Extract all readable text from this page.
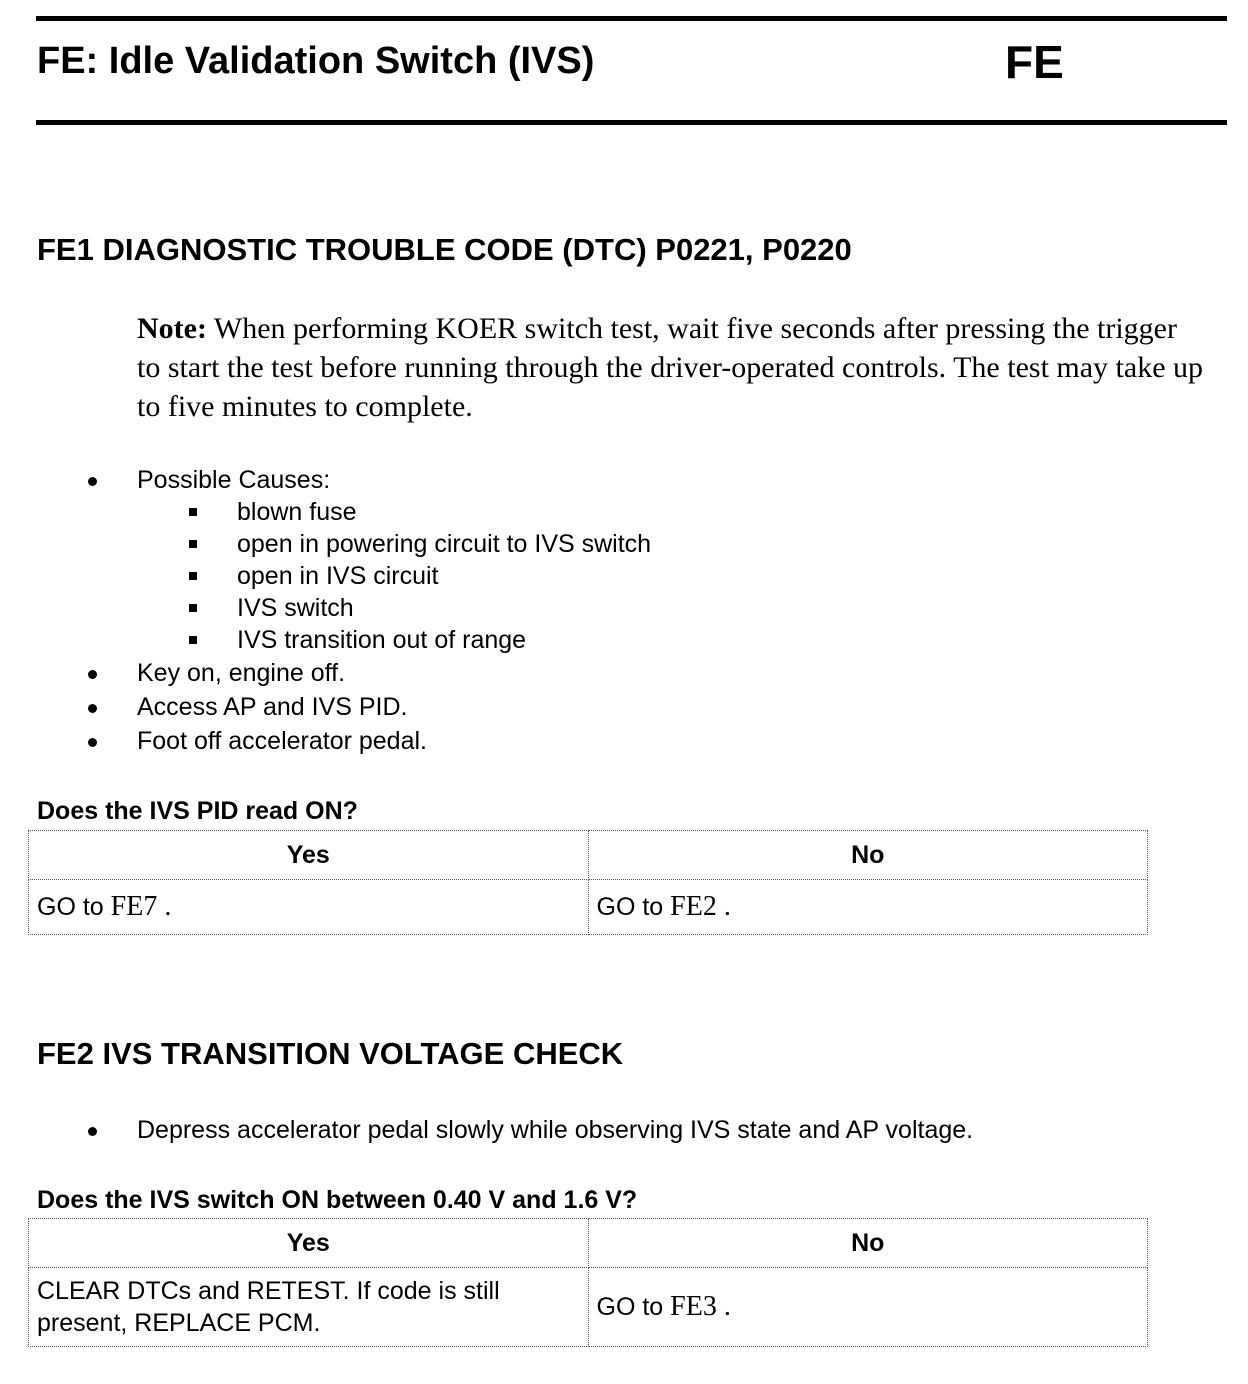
FE: Idle Validation Switch (IVS)	FE
FE1 DIAGNOSTIC TROUBLE CODE (DTC) P0221, P0220
Note: When performing KOER switch test, wait five seconds after pressing the trigger to start the test before running through the driver-operated controls. The test may take up to five minutes to complete.
Possible Causes:
blown fuse
open in powering circuit to IVS switch
open in IVS circuit
IVS switch
IVS transition out of range
Key on, engine off.
Access AP and IVS PID.
Foot off accelerator pedal.
Does the IVS PID read ON?
Yes	No
GO to FE7 .	GO to FE2 .
FE2 IVS TRANSITION VOLTAGE CHECK
Depress accelerator pedal slowly while observing IVS state and AP voltage.
Does the IVS switch ON between 0.40 V and 1.6 V?
Yes	No
CLEAR DTCs and RETEST. If code is still present, REPLACE PCM.	GO to FE3 .
